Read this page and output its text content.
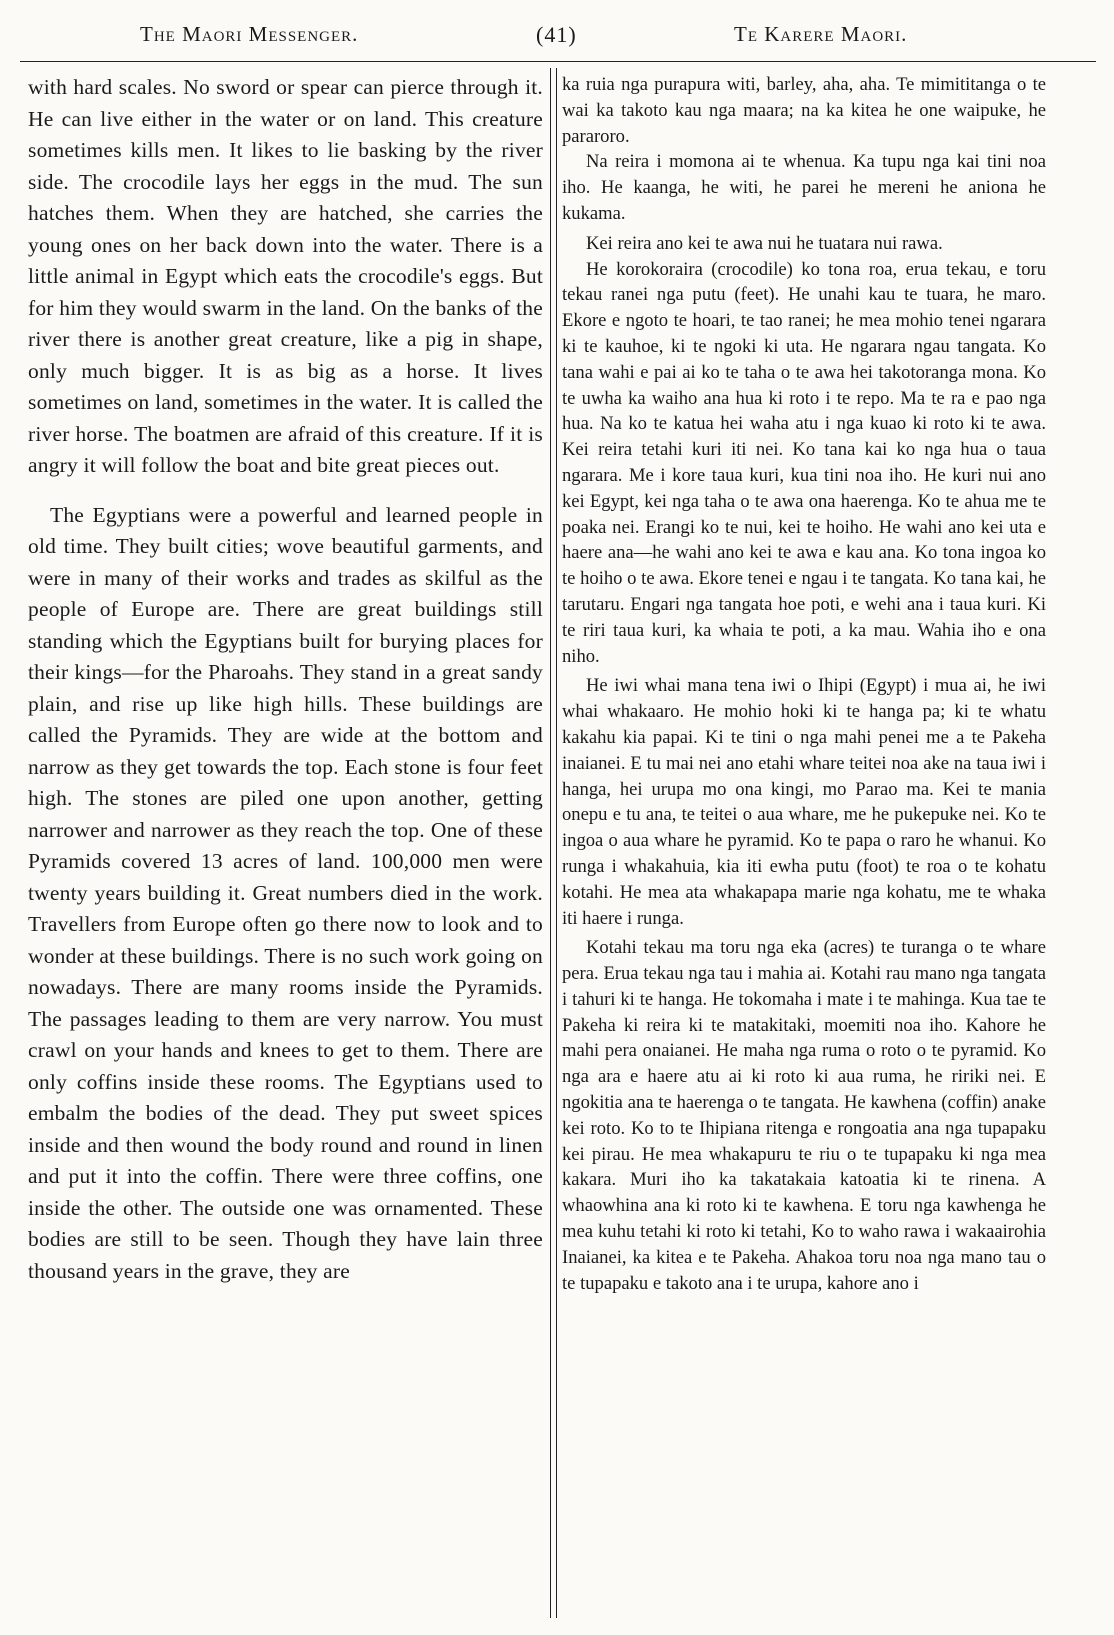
The Maori Messenger.	(41)	Te Karere Maori.

with hard scales. No sword or spear can pierce through it. He can live either in the water or on land. This creature sometimes kills men. It likes to lie basking by the river side. The crocodile lays her eggs in the mud. The sun hatches them. When they are hatched, she carries the young ones on her back down into the water. There is a little animal in Egypt which eats the crocodile's eggs. But for him they would swarm in the land. On the banks of the river there is another great creature, like a pig in shape, only much bigger. It is as big as a horse. It lives sometimes on land, sometimes in the water. It is called the river horse. The boatmen are afraid of this creature. If it is angry it will follow the boat and bite great pieces out.

The Egyptians were a powerful and learned people in old time. They built cities; wove beautiful garments, and were in many of their works and trades as skilful as the people of Europe are. There are great buildings still standing which the Egyptians built for burying places for their kings—for the Pharoahs. They stand in a great sandy plain, and rise up like high hills. These buildings are called the Pyramids. They are wide at the bottom and narrow as they get towards the top. Each stone is four feet high. The stones are piled one upon another, getting narrower and narrower as they reach the top. One of these Pyramids covered 13 acres of land. 100,000 men were twenty years building it. Great numbers died in the work. Travellers from Europe often go there now to look and to wonder at these buildings. There is no such work going on nowadays. There are many rooms inside the Pyramids. The passages leading to them are very narrow. You must crawl on your hands and knees to get to them. There are only coffins inside these rooms. The Egyptians used to embalm the bodies of the dead. They put sweet spices inside and then wound the body round and round in linen and put it into the coffin. There were three coffins, one inside the other. The outside one was ornamented. These bodies are still to be seen. Though they have lain three thousand years in the grave, they are

ka ruia nga purapura witi, barley, aha, aha. Te mimititanga o te wai ka takoto kau nga maara; na ka kitea he one waipuke, he pararoro.

Na reira i momona ai te whenua. Ka tupu nga kai tini noa iho. He kaanga, he witi, he parei he mereni he aniona he kukama.

Kei reira ano kei te awa nui he tuatara nui rawa.

He korokoraira (crocodile) ko tona roa, erua tekau, e toru tekau ranei nga putu (feet). He unahi kau te tuara, he maro. Ekore e ngoto te hoari, te tao ranei; he mea mohio tenei ngarara ki te kauhoe, ki te ngoki ki uta. He ngarara ngau tangata. Ko tana wahi e pai ai ko te taha o te awa hei takotoranga mona. Ko te uwha ka waiho ana hua ki roto i te repo. Ma te ra e pao nga hua. Na ko te katua hei waha atu i nga kuao ki roto ki te awa. Kei reira tetahi kuri iti nei. Ko tana kai ko nga hua o taua ngarara. Me i kore taua kuri, kua tini noa iho. He kuri nui ano kei Egypt, kei nga taha o te awa ona haerenga. Ko te ahua me te poaka nei. Erangi ko te nui, kei te hoiho. He wahi ano kei uta e haere ana—he wahi ano kei te awa e kau ana. Ko tona ingoa ko te hoiho o te awa. Ekore tenei e ngau i te tangata. Ko tana kai, he tarutaru. Engari nga tangata hoe poti, e wehi ana i taua kuri. Ki te riri taua kuri, ka whaia te poti, a ka mau. Wahia iho e ona niho.

He iwi whai mana tena iwi o Ihipi (Egypt) i mua ai, he iwi whai whakaaro. He mohio hoki ki te hanga pa; ki te whatu kakahu kia papai. Ki te tini o nga mahi penei me a te Pakeha inaianei. E tu mai nei ano etahi whare teitei noa ake na taua iwi i hanga, hei urupa mo ona kingi, mo Parao ma. Kei te mania onepu e tu ana, te teitei o aua whare, me he pukepuke nei. Ko te ingoa o aua whare he pyramid. Ko te papa o raro he whanui. Ko runga i whakahuia, kia iti ewha putu (foot) te roa o te kohatu kotahi. He mea ata whakapapa marie nga kohatu, me te whaka iti haere i runga.

Kotahi tekau ma toru nga eka (acres) te turanga o te whare pera. Erua tekau nga tau i mahia ai. Kotahi rau mano nga tangata i tahuri ki te hanga. He tokomaha i mate i te mahinga. Kua tae te Pakeha ki reira ki te matakitaki, moemiti noa iho. Kahore he mahi pera onaianei. He maha nga ruma o roto o te pyramid. Ko nga ara e haere atu ai ki roto ki aua ruma, he ririki nei. E ngokitia ana te haerenga o te tangata. He kawhena (coffin) anake kei roto. Ko to te Ihipiana ritenga e rongoatia ana nga tupapaku kei pirau. He mea whakapuru te riu o te tupapaku ki nga mea kakara. Muri iho ka takatakaia katoatia ki te rinena. A whaowhina ana ki roto ki te kawhena. E toru nga kawhenga he mea kuhu tetahi ki roto ki tetahi, Ko to waho rawa i wakaairohia Inaianei, ka kitea e te Pakeha. Ahakoa toru noa nga mano tau o te tupapaku e takoto ana i te urupa, kahore ano i
